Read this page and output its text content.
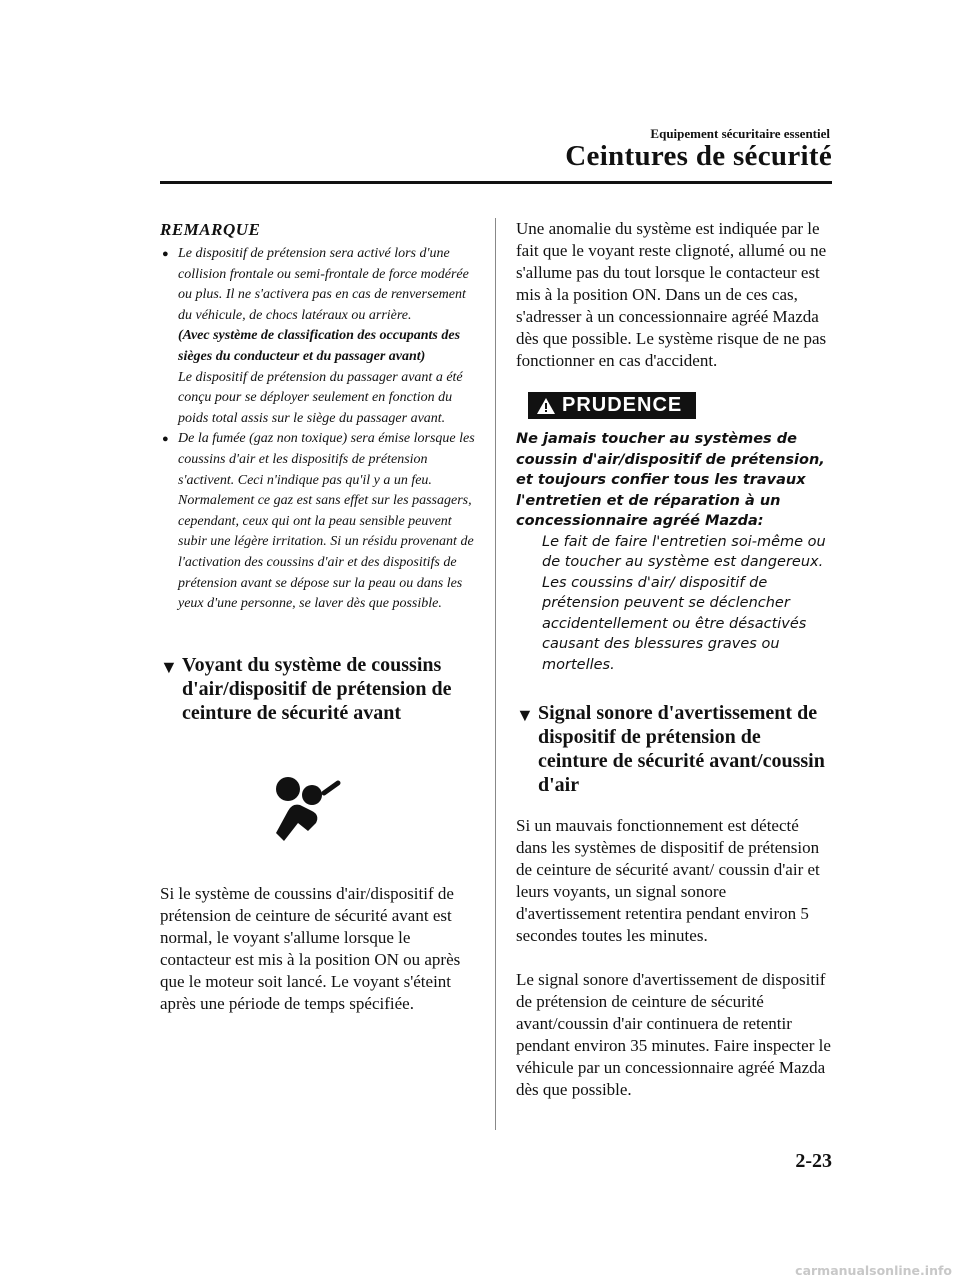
Equipement sécuritaire essentiel
Ceintures de sécurité
REMARQUE
● Le dispositif de prétension sera activé lors d'une collision frontale ou semi-frontale de force modérée ou plus. Il ne s'activera pas en cas de renversement du véhicule, de chocs latéraux ou arrière.
(Avec système de classification des occupants des sièges du conducteur et du passager avant)
Le dispositif de prétension du passager avant a été conçu pour se déployer seulement en fonction du poids total assis sur le siège du passager avant.
● De la fumée (gaz non toxique) sera émise lorsque les coussins d'air et les dispositifs de prétension s'activent. Ceci n'indique pas qu'il y a un feu. Normalement ce gaz est sans effet sur les passagers, cependant, ceux qui ont la peau sensible peuvent subir une légère irritation. Si un résidu provenant de l'activation des coussins d'air et des dispositifs de prétension avant se dépose sur la peau ou dans les yeux d'une personne, se laver dès que possible.
▼ Voyant du système de coussins d'air/dispositif de prétension de ceinture de sécurité avant

Si le système de coussins d'air/dispositif de prétension de ceinture de sécurité avant est normal, le voyant s'allume lorsque le contacteur est mis à la position ON ou après que le moteur soit lancé. Le voyant s'éteint après une période de temps spécifiée.

Une anomalie du système est indiquée par le fait que le voyant reste clignoté, allumé ou ne s'allume pas du tout lorsque le contacteur est mis à la position ON. Dans un de ces cas, s'adresser à un concessionnaire agréé Mazda dès que possible. Le système risque de ne pas fonctionner en cas d'accident.

PRUDENCE

Ne jamais toucher au systèmes de coussin d'air/dispositif de prétension, et toujours confier tous les travaux l'entretien et de réparation à un concessionnaire agréé Mazda:

Le fait de faire l'entretien soi-même ou de toucher au système est dangereux. Les coussins d'air/ dispositif de prétension peuvent se déclencher accidentellement ou être désactivés causant des blessures graves ou mortelles.

▼ Signal sonore d'avertissement de dispositif de prétension de ceinture de sécurité avant/coussin d'air

Si un mauvais fonctionnement est détecté dans les systèmes de dispositif de prétension de ceinture de sécurité avant/ coussin d'air et leurs voyants, un signal sonore d'avertissement retentira pendant environ 5 secondes toutes les minutes.

Le signal sonore d'avertissement de dispositif de prétension de ceinture de sécurité avant/coussin d'air continuera de retentir pendant environ 35 minutes. Faire inspecter le véhicule par un concessionnaire agréé Mazda dès que possible.

2-23
carmanualsonline.info
